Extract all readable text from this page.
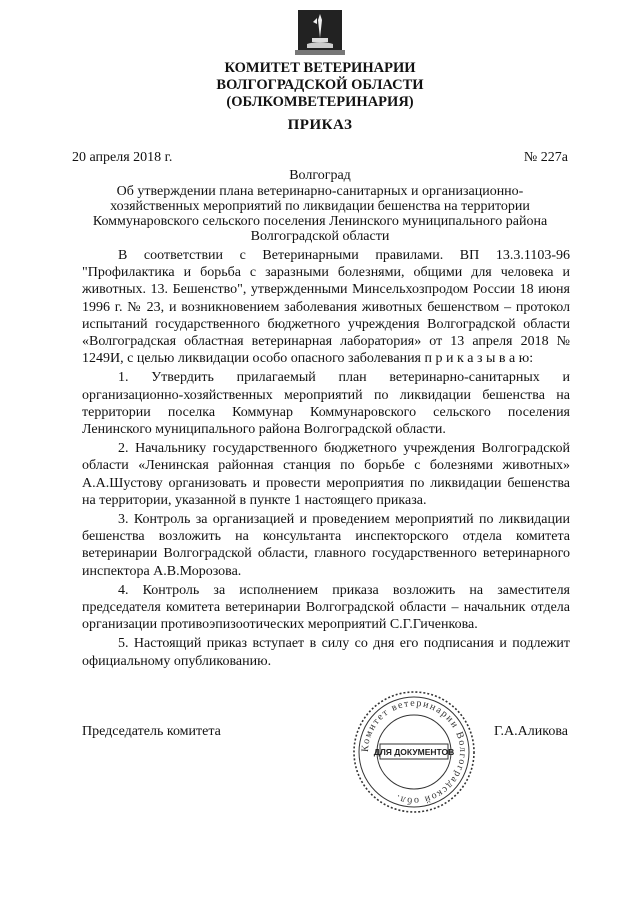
КОМИТЕТ ВЕТЕРИНАРИИ
ВОЛГОГРАДСКОЙ ОБЛАСТИ
(ОБЛКОМВЕТЕРИНАРИЯ)
ПРИКАЗ
20 апреля 2018 г.	№ 227а
Волгоград
Об утверждении плана ветеринарно-санитарных и организационно-хозяйственных мероприятий по ликвидации бешенства на территории Коммунаровского сельского поселения Ленинского муниципального района Волгоградской области

В соответствии с Ветеринарными правилами. ВП 13.3.1103-96 "Профилактика и борьба с заразными болезнями, общими для человека и животных. 13. Бешенство", утвержденными Минсельхозпродом России 18 июня 1996 г. № 23, и возникновением заболевания животных бешенством – протокол испытаний государственного бюджетного учреждения Волгоградской области «Волгоградская областная ветеринарная лаборатория» от 13 апреля 2018 № 1249И, с целью ликвидации особо опасного заболевания п р и к а з ы в а ю:

1. Утвердить прилагаемый план ветеринарно-санитарных и организационно-хозяйственных мероприятий по ликвидации бешенства на территории поселка Коммунар Коммунаровского сельского поселения Ленинского муниципального района Волгоградской области.

2. Начальнику государственного бюджетного учреждения Волгоградской области «Ленинская районная станция по борьбе с болезнями животных» А.А.Шустову организовать и провести мероприятия по ликвидации бешенства на территории, указанной в пункте 1 настоящего приказа.

3. Контроль за организацией и проведением мероприятий по ликвидации бешенства возложить на консультанта инспекторского отдела комитета ветеринарии Волгоградской области, главного государственного ветеринарного инспектора А.В.Морозова.

4. Контроль за исполнением приказа возложить на заместителя председателя комитета ветеринарии Волгоградской области – начальник отдела организации противоэпизоотических мероприятий С.Г.Гиченкова.

5. Настоящий приказ вступает в силу со дня его подписания и подлежит официальному опубликованию.

Председатель комитета	Г.А.Аликова
Комитет ветеринарии Волгоградской обл.
ДЛЯ ДОКУМЕНТОВ
